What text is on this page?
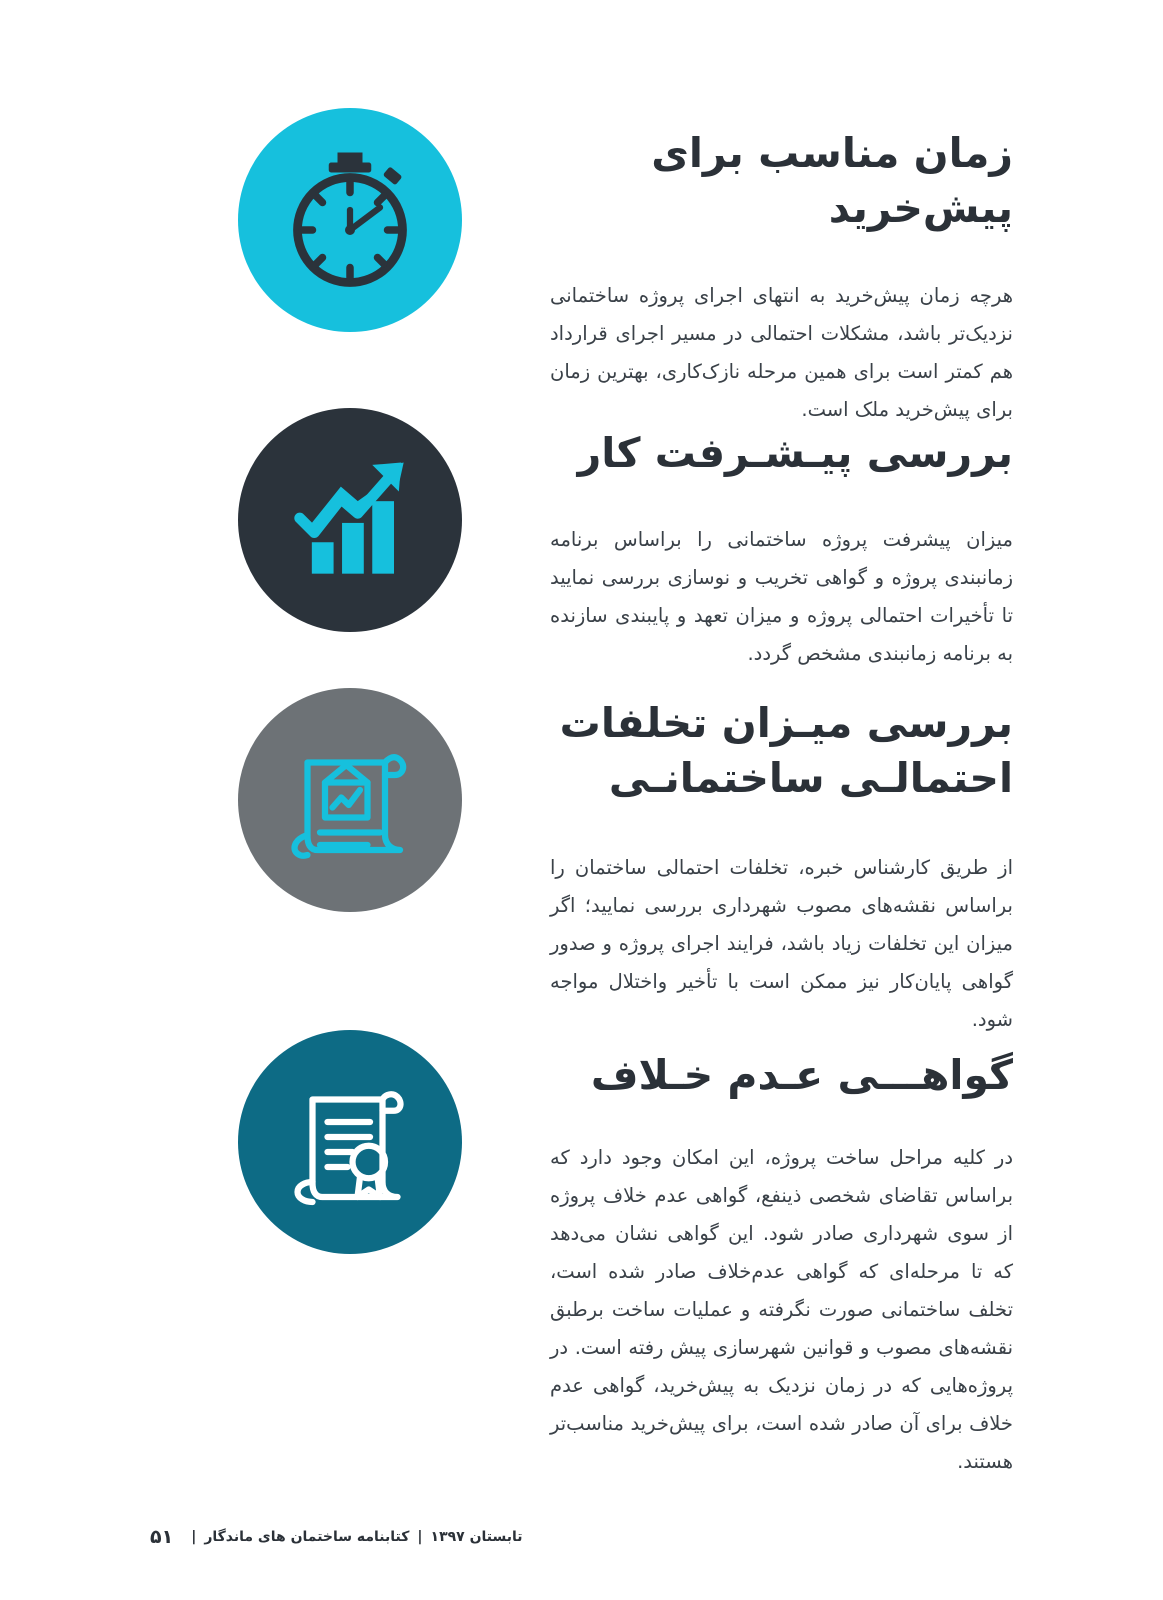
زمان مناسب برای پیش‌خرید

هرچه زمان پیش‌خرید به انتهای اجرای پروژه ساختمانی نزدیک‌تر باشد، مشکلات احتمالی در مسیر اجرای قرارداد هم کمتر است برای همین مرحله نازک‌کاری، بهترین زمان برای پیش‌خرید ملک است.

بررسی پیـشـرفت کار

میزان پیشرفت پروژه ساختمانی را براساس برنامه زمانبندی پروژه و گواهی تخریب و نوسازی بررسی نمایید تا تأخیرات احتمالی پروژه و میزان تعهد و پایبندی سازنده به برنامه زمانبندی مشخص گردد.

بررسی میـزان تخلفات احتمالـی ساختمانـی

از طریق کارشناس خبره، تخلفات احتمالی ساختمان را براساس نقشه‌های مصوب شهرداری بررسی نمایید؛ اگر میزان این تخلفات زیاد باشد، فرایند اجرای پروژه و صدور گواهی پایان‌کار نیز ممکن است با تأخیر واختلال مواجه شود.

گواهـــی عـدم خـلاف

در کلیه مراحل ساخت پروژه، این امکان وجود دارد که براساس تقاضای شخصی ذینفع، گواهی عدم خلاف پروژه از سوی شهرداری صادر شود. این گواهی نشان می‌دهد که تا مرحله‌ای که گواهی عدم‌خلاف صادر شده است، تخلف ساختمانی صورت نگرفته و عملیات ساخت برطبق نقشه‌های مصوب و قوانین شهرسازی پیش رفته است. در پروژه‌هایی که در زمان نزدیک به پیش‌خرید، گواهی عدم خلاف برای آن صادر شده است، برای پیش‌خرید مناسب‌تر هستند.

۵۱ | کتابنامه ساختمان های ماندگار | تابستان ۱۳۹۷
